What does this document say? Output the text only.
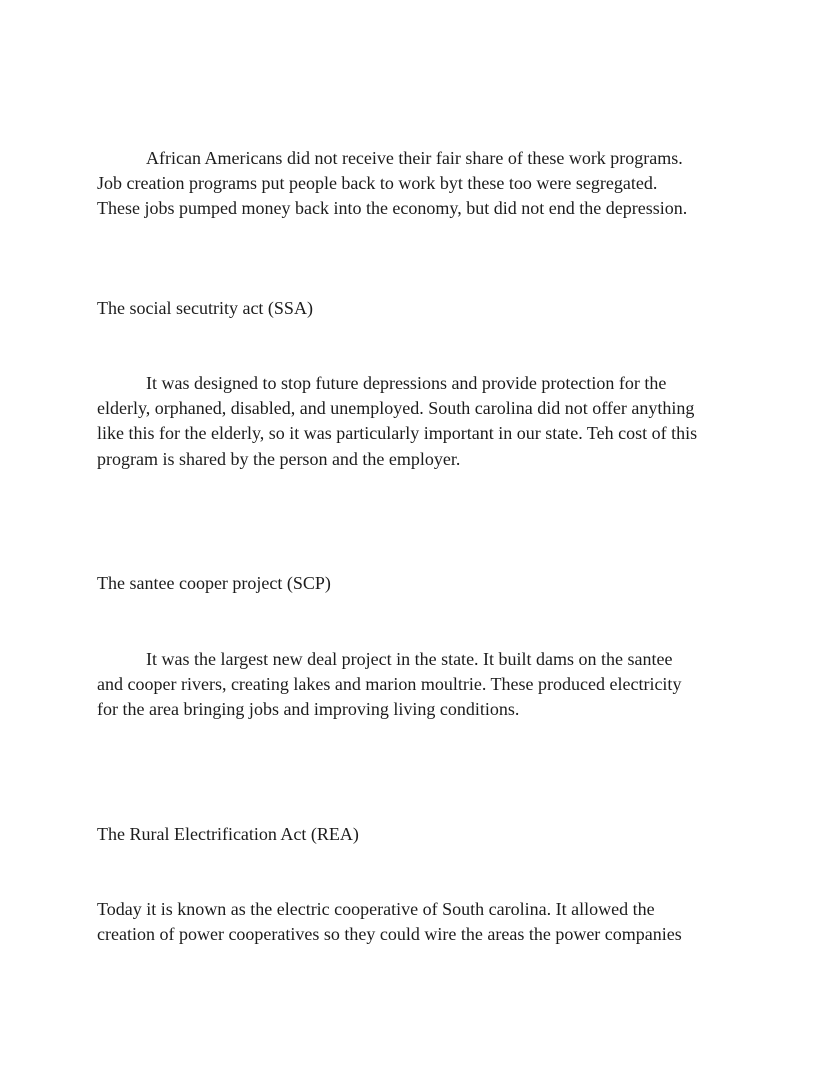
African Americans did not receive their fair share of these work programs.
Job creation programs put people back to work byt these too were segregated.
These jobs pumped money back into the economy, but did not end the depression.
The social secutrity act (SSA)
It was designed to stop future depressions and provide protection for the
elderly, orphaned, disabled, and unemployed. South carolina did not offer anything
like this for the elderly, so it was particularly important in our state. Teh cost of this
program is shared by the person and the employer.
The santee cooper project (SCP)
It was the largest new deal project in the state. It built dams on the santee
and cooper rivers, creating lakes and marion moultrie. These produced electricity
for the area bringing jobs and improving living conditions.
The Rural Electrification Act (REA)
Today it is known as the electric cooperative of South carolina. It allowed the
creation of power cooperatives so they could wire the areas the power companies
